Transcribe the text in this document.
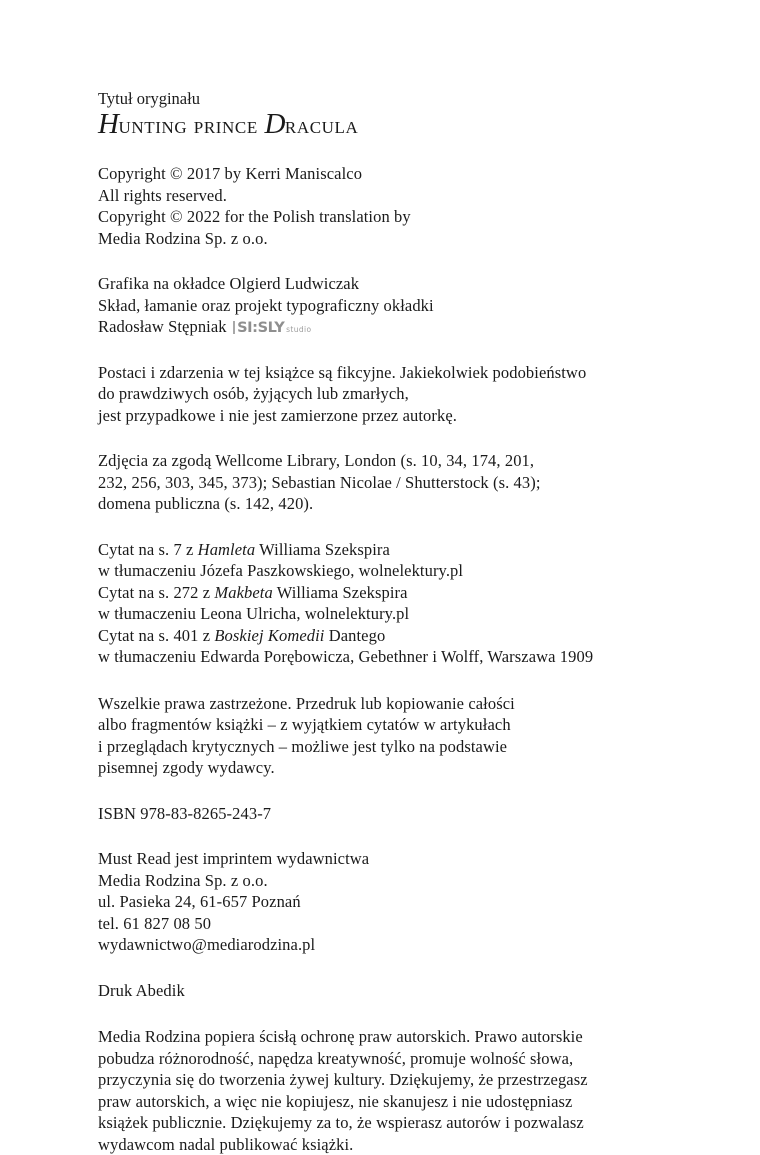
Tytuł oryginału
Hunting prince Dracula
Copyright © 2017 by Kerri Maniscalco
All rights reserved.
Copyright © 2022 for the Polish translation by
Media Rodzina Sp. z o.o.
Grafika na okładce Olgierd Ludwiczak
Skład, łamanie oraz projekt typograficzny okładki
Radosław Stępniak SI:SLY studio
Postaci i zdarzenia w tej książce są fikcyjne. Jakiekolwiek podobieństwo
do prawdziwych osób, żyjących lub zmarłych,
jest przypadkowe i nie jest zamierzone przez autorkę.
Zdjęcia za zgodą Wellcome Library, London (s. 10, 34, 174, 201,
232, 256, 303, 345, 373); Sebastian Nicolae / Shutterstock (s. 43);
domena publiczna (s. 142, 420).
Cytat na s. 7 z Hamleta Williama Szekspira
w tłumaczeniu Józefa Paszkowskiego, wolnelektury.pl
Cytat na s. 272 z Makbeta Williama Szekspira
w tłumaczeniu Leona Ulricha, wolnelektury.pl
Cytat na s. 401 z Boskiej Komedii Dantego
w tłumaczeniu Edwarda Porębowicza, Gebethner i Wolff, Warszawa 1909
Wszelkie prawa zastrzeżone. Przedruk lub kopiowanie całości
albo fragmentów książki – z wyjątkiem cytatów w artykułach
i przeglądach krytycznych – możliwe jest tylko na podstawie
pisemnej zgody wydawcy.
ISBN 978-83-8265-243-7
Must Read jest imprintem wydawnictwa
Media Rodzina Sp. z o.o.
ul. Pasieka 24, 61-657 Poznań
tel. 61 827 08 50
wydawnictwo@mediarodzina.pl
Druk Abedik
Media Rodzina popiera ścisłą ochronę praw autorskich. Prawo autorskie
pobudza różnorodność, napędza kreatywność, promuje wolność słowa,
przyczynia się do tworzenia żywej kultury. Dziękujemy, że przestrzegasz
praw autorskich, a więc nie kopiujesz, nie skanujesz i nie udostępniasz
książek publicznie. Dziękujemy za to, że wspierasz autorów i pozwalasz
wydawcom nadal publikować książki.
